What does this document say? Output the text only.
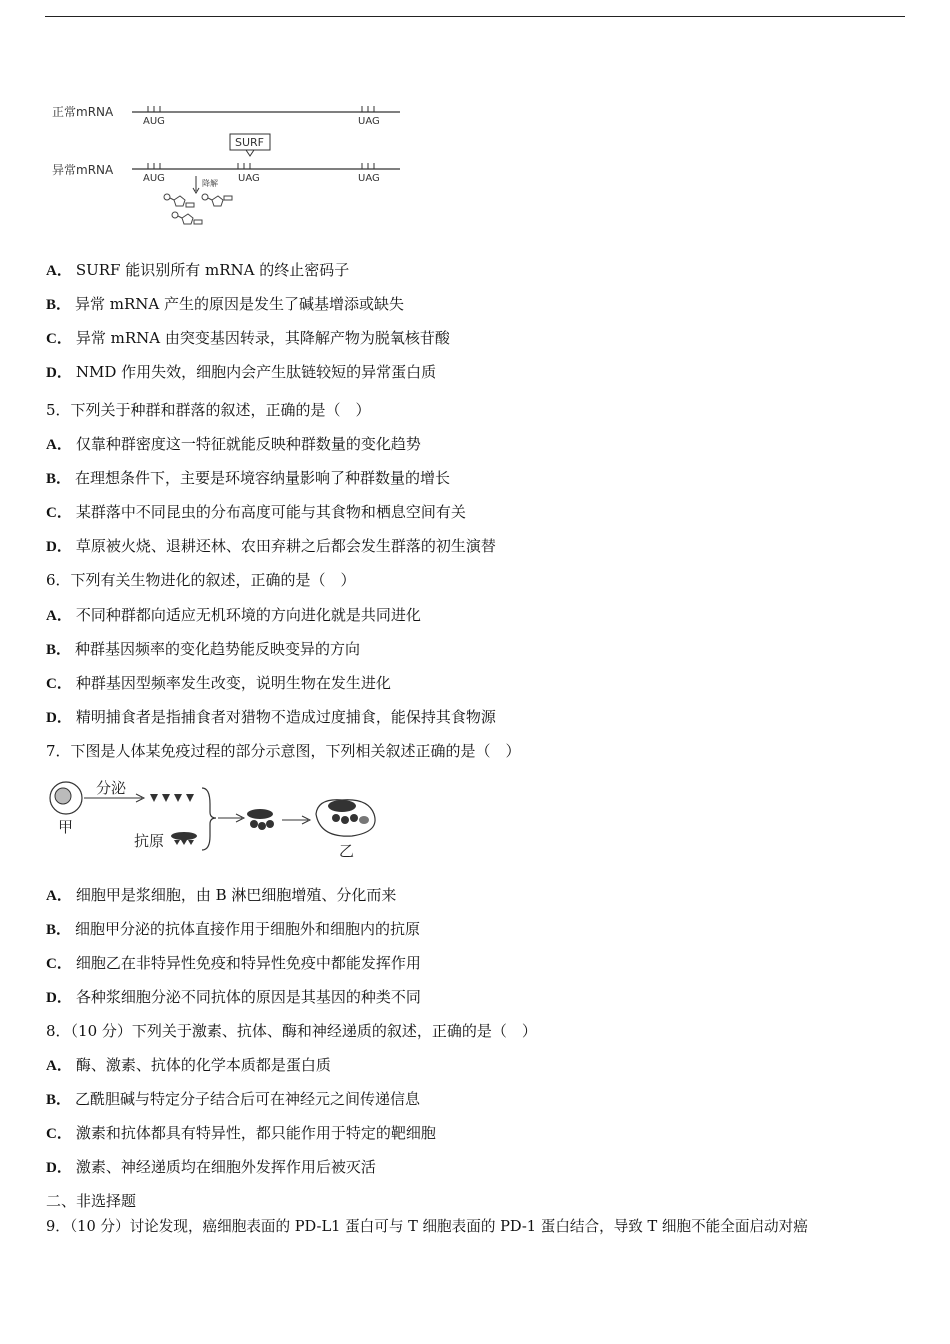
正常mRNA
AUG	UAG
SURF
异常mRNA
AUG	UAG	UAG
降解
A． SURF 能识别所有 mRNA 的终止密码子
B． 异常 mRNA 产生的原因是发生了碱基增添或缺失
C． 异常 mRNA 由突变基因转录，其降解产物为脱氧核苷酸
D． NMD 作用失效，细胞内会产生肽链较短的异常蛋白质
5．下列关于种群和群落的叙述，正确的是（　）
A． 仅靠种群密度这一特征就能反映种群数量的变化趋势
B． 在理想条件下，主要是环境容纳量影响了种群数量的增长
C． 某群落中不同昆虫的分布高度可能与其食物和栖息空间有关
D． 草原被火烧、退耕还林、农田弃耕之后都会发生群落的初生演替
6．下列有关生物进化的叙述，正确的是（　）
A． 不同种群都向适应无机环境的方向进化就是共同进化
B． 种群基因频率的变化趋势能反映变异的方向
C． 种群基因型频率发生改变，说明生物在发生进化
D． 精明捕食者是指捕食者对猎物不造成过度捕食，能保持其食物源
7．下图是人体某免疫过程的部分示意图，下列相关叙述正确的是（　）
甲
分泌
抗原
乙
A． 细胞甲是浆细胞，由 B 淋巴细胞增殖、分化而来
B． 细胞甲分泌的抗体直接作用于细胞外和细胞内的抗原
C． 细胞乙在非特异性免疫和特异性免疫中都能发挥作用
D． 各种浆细胞分泌不同抗体的原因是其基因的种类不同
8．（10 分）下列关于激素、抗体、酶和神经递质的叙述，正确的是（　）
A． 酶、激素、抗体的化学本质都是蛋白质
B． 乙酰胆碱与特定分子结合后可在神经元之间传递信息
C． 激素和抗体都具有特异性，都只能作用于特定的靶细胞
D． 激素、神经递质均在细胞外发挥作用后被灭活
二、非选择题
9．（10 分）讨论发现，癌细胞表面的 PD-L1 蛋白可与 T 细胞表面的 PD-1 蛋白结合，导致 T 细胞不能全面启动对癌
